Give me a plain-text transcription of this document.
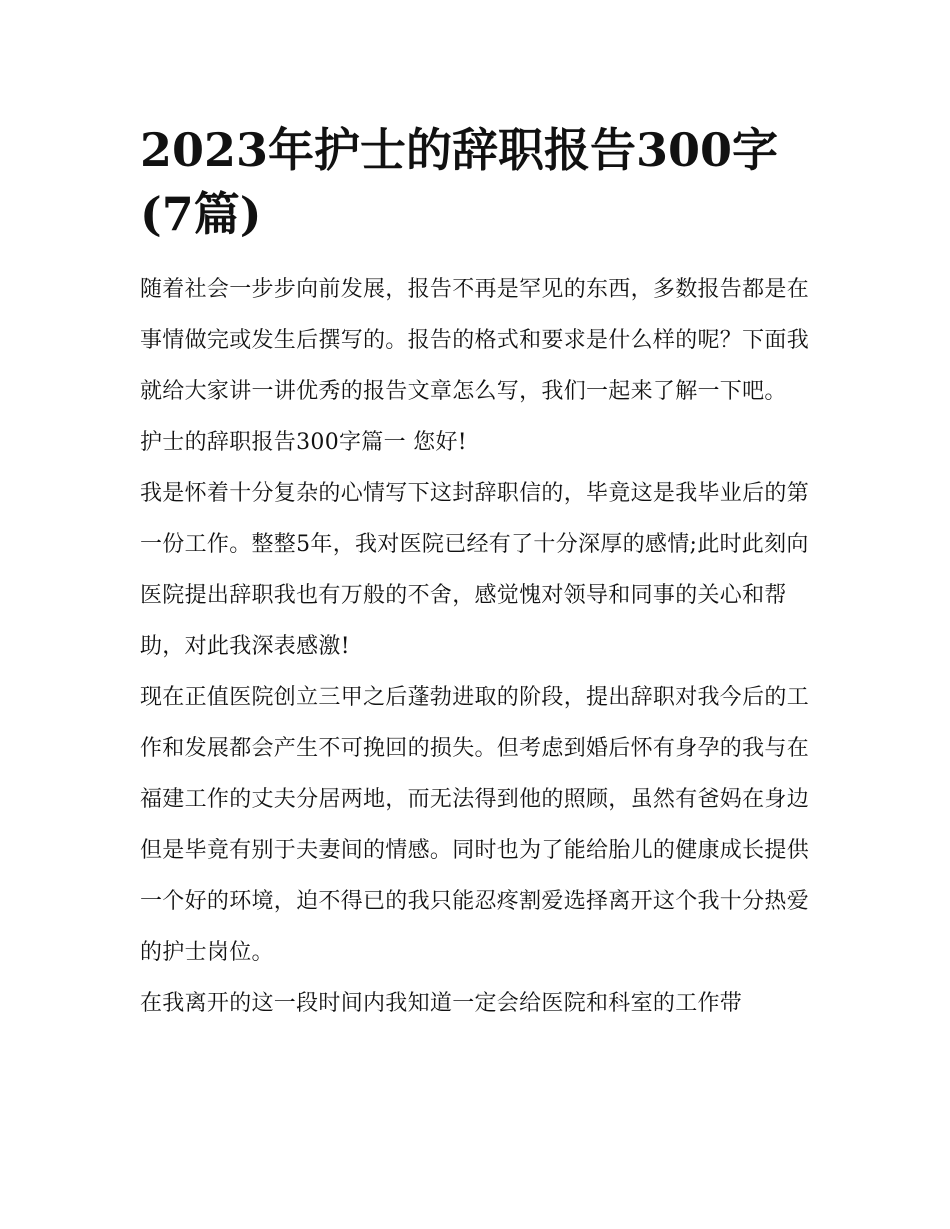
2023年护士的辞职报告300字(7篇)

随着社会一步步向前发展，报告不再是罕见的东西，多数报告都是在事情做完或发生后撰写的。报告的格式和要求是什么样的呢？下面我就给大家讲一讲优秀的报告文章怎么写，我们一起来了解一下吧。

护士的辞职报告300字篇一 您好!

我是怀着十分复杂的心情写下这封辞职信的，毕竟这是我毕业后的第一份工作。整整5年，我对医院已经有了十分深厚的感情;此时此刻向医院提出辞职我也有万般的不舍，感觉愧对领导和同事的关心和帮助，对此我深表感激!

现在正值医院创立三甲之后蓬勃进取的阶段，提出辞职对我今后的工作和发展都会产生不可挽回的损失。但考虑到婚后怀有身孕的我与在福建工作的丈夫分居两地，而无法得到他的照顾，虽然有爸妈在身边但是毕竟有别于夫妻间的情感。同时也为了能给胎儿的健康成长提供一个好的环境，迫不得已的我只能忍疼割爱选择离开这个我十分热爱的护士岗位。

在我离开的这一段时间内我知道一定会给医院和科室的工作带
